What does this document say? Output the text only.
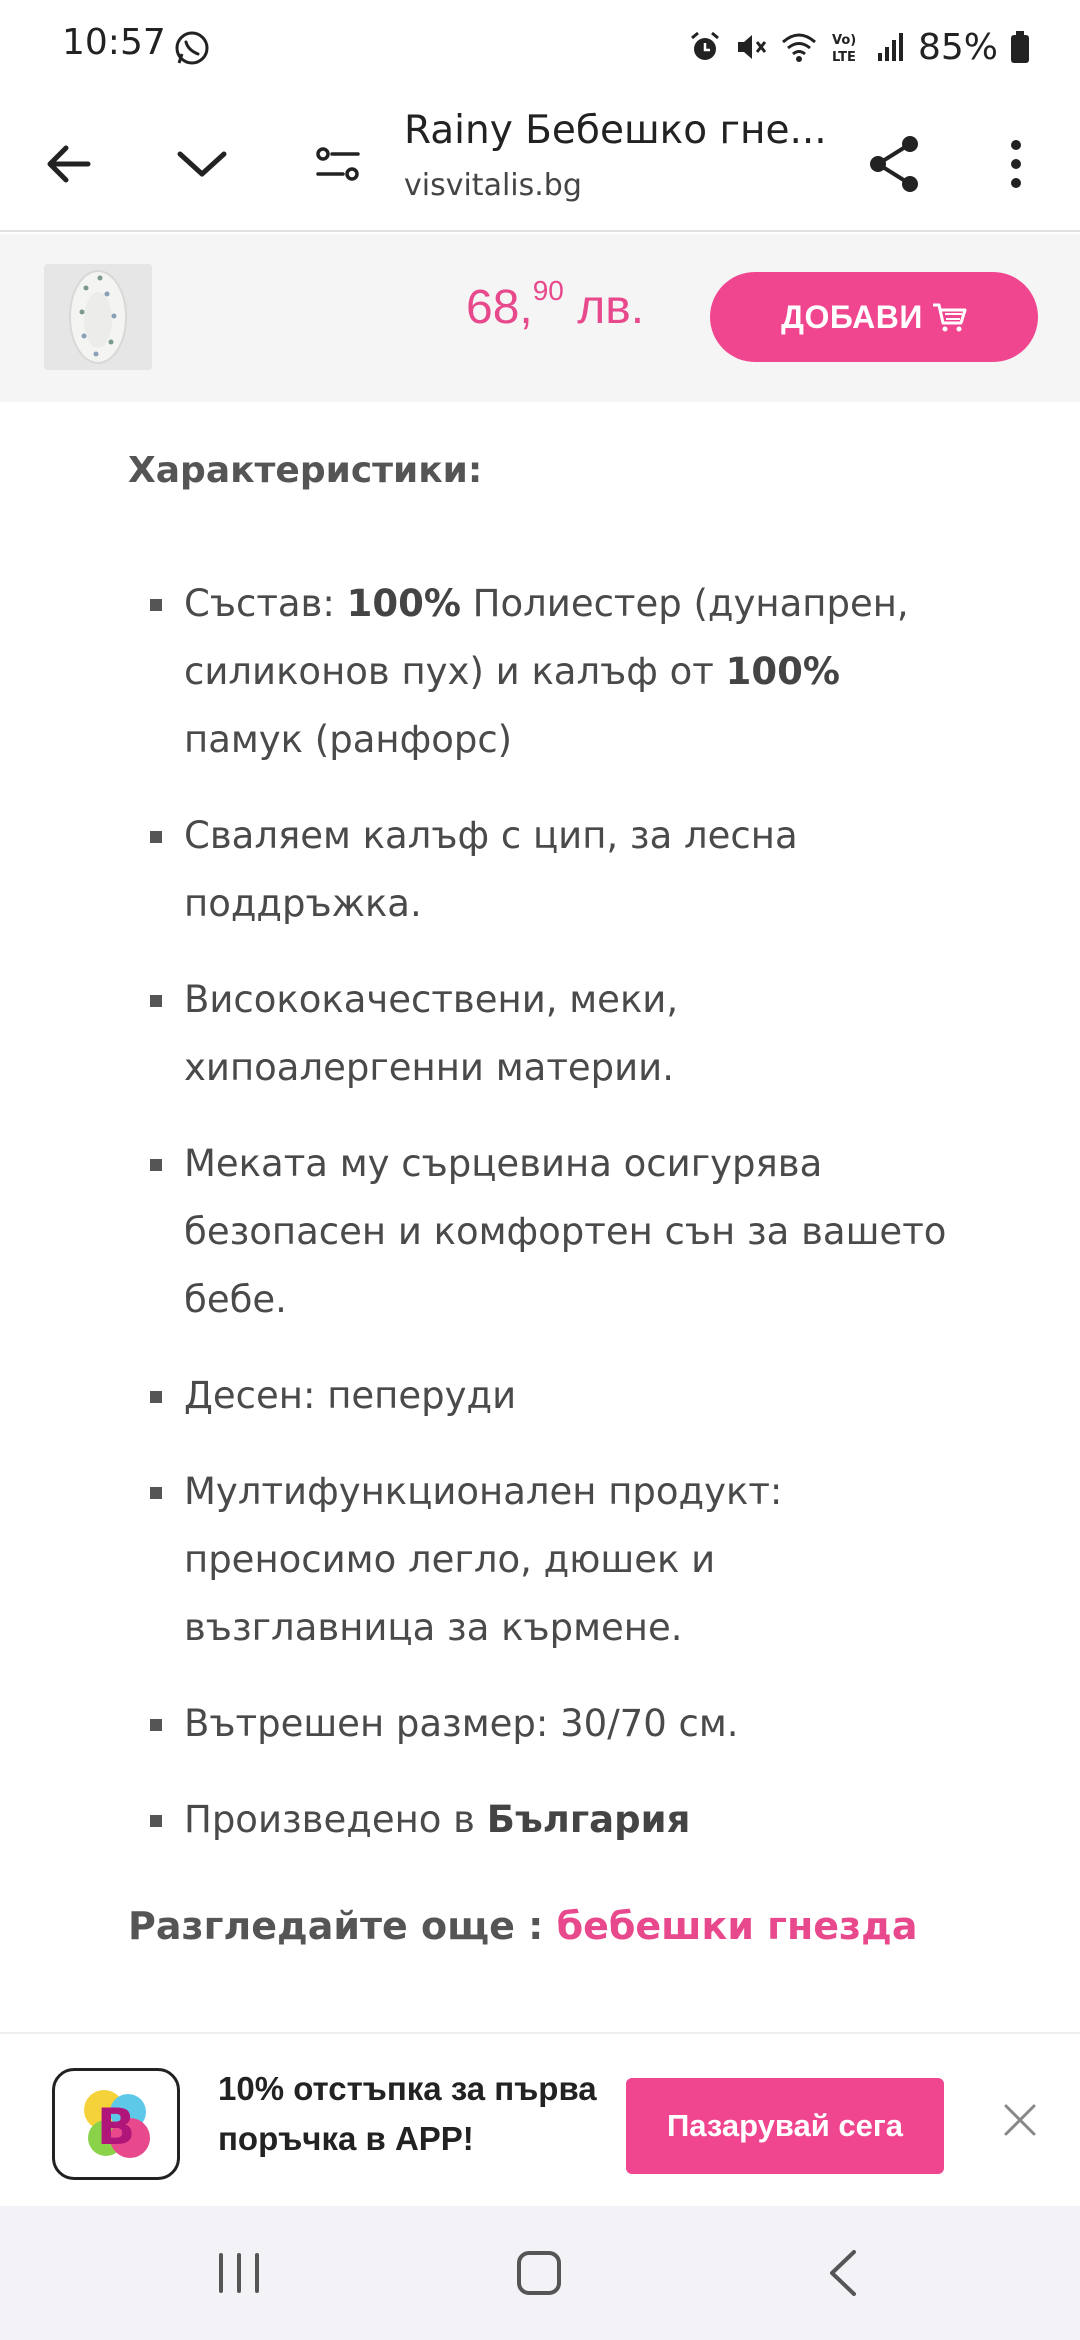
10:57	Vo)
LTE 85%
Rainy Бебешко гне...
visvitalis.bg
68,90 лв.	ДОБАВИ
Характеристики:
Състав: 100% Полиестер (дунапрен, силиконов пух) и калъф от 100% памук (ранфорс)
Сваляем калъф с цип, за лесна поддръжка.
Висококачествени, меки, хипоалергенни материи.
Меката му сърцевина осигурява безопасен и комфортен сън за вашето бебе.
Десен: пеперуди
Мултифункционален продукт: преносимо легло, дюшек и възглавница за кърмене.
Вътрешен размер: 30/70 см.
Произведено в България
Разгледайте още : бебешки гнезда
B
10% отстъпка за първа поръчка в APP!	Пазарувай сега
